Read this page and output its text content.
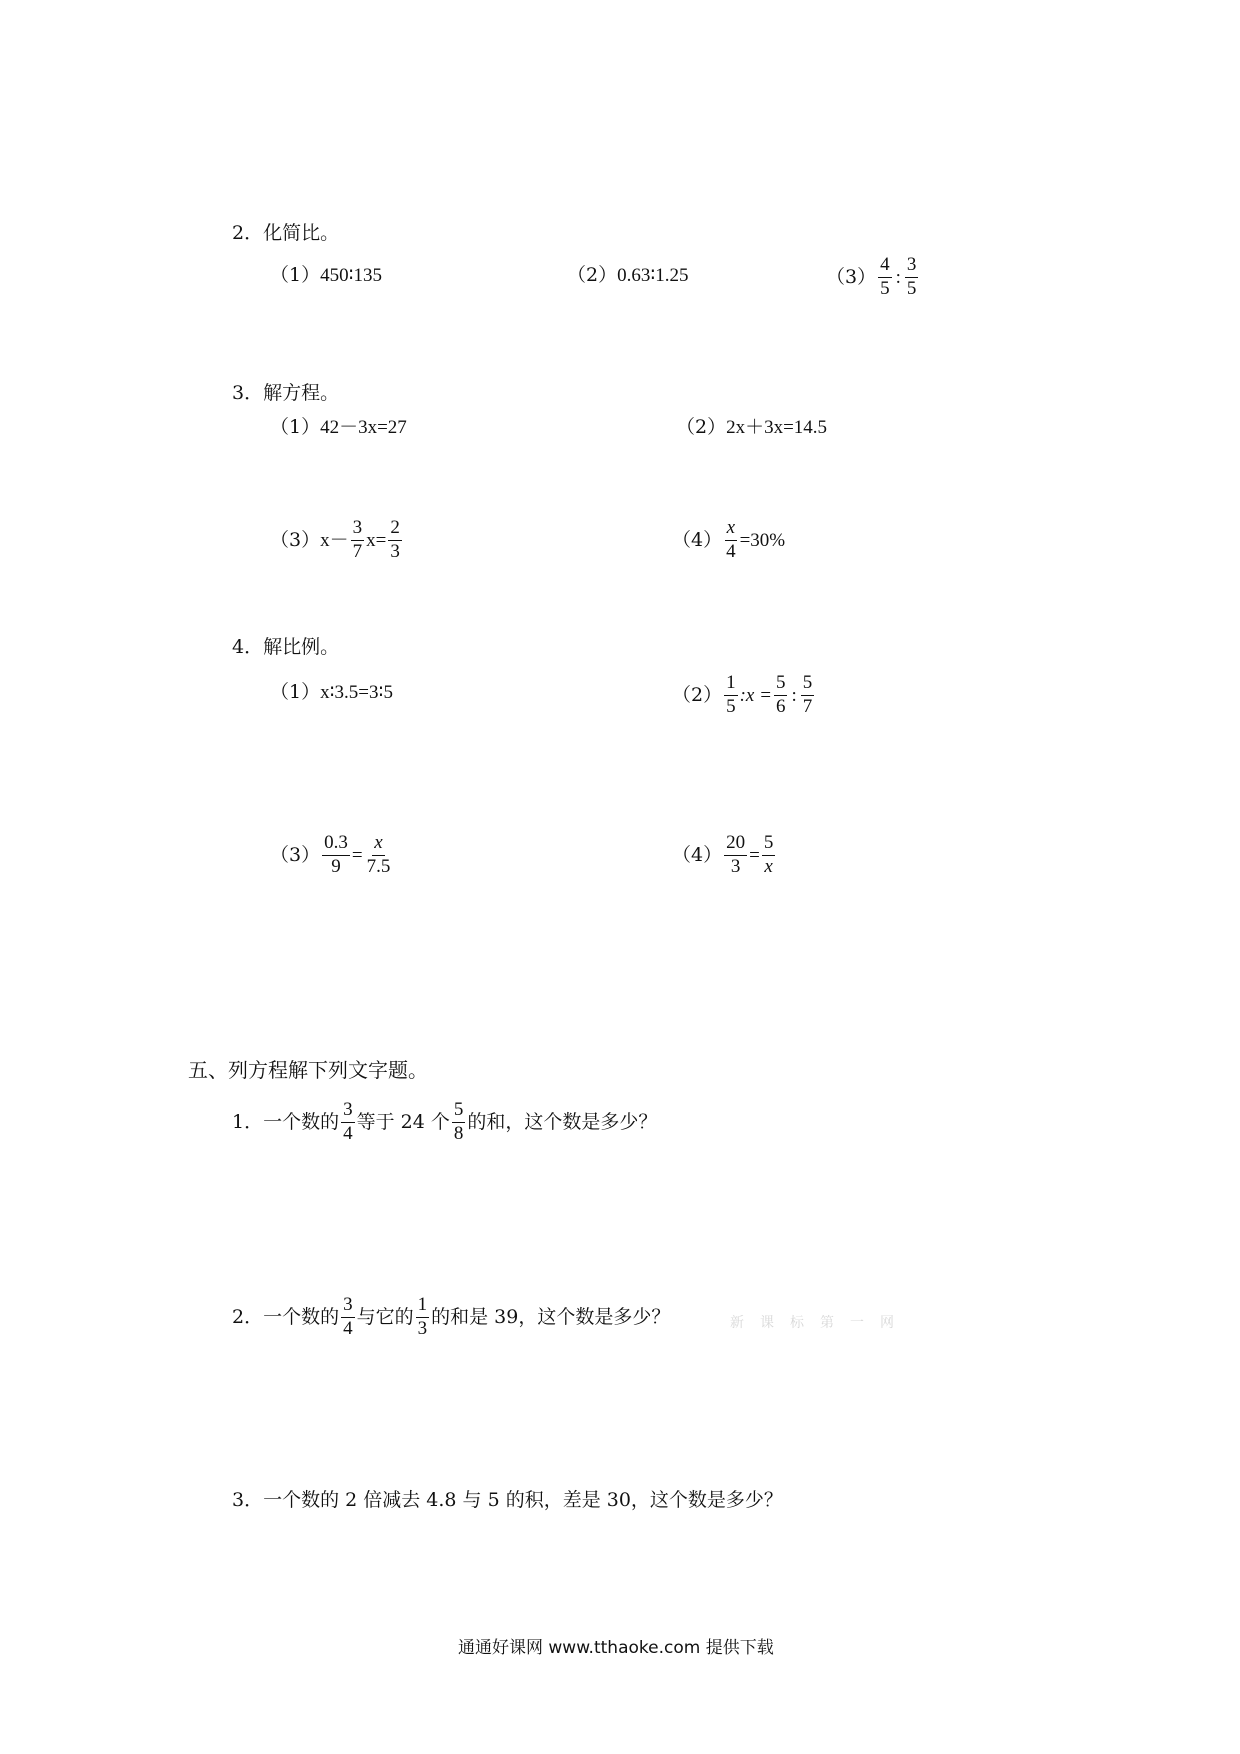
2．化简比。
（1） 450∶135	（2） 0.63∶1.25	$(3) \frac{4}{5}$ : $\frac{3}{5}$
3．解方程。
（1） 42－3x=27	（2） 2x＋3x=14.5
（3） $x- \frac{3}{7} x= \frac{2}{3}$	$(4) \frac{x}{4} =30\%$
4．解比例。
（1） x∶3.5=3∶5	$(2) \frac{1}{5}$ :x = $\frac{5}{6}$ : $\frac{5}{7}$
$(3) \frac{0.3}{9} = \frac{x}{7.5}$	$(4) \frac{20}{3} = \frac{5}{x}$
五、列方程解下列文字题。
1．一个数的 $\frac{3}{4}$ 等于 24 个 $\frac{5}{8}$ 的和，这个数是多少？
2．一个数的 $\frac{3}{4}$ 与它的 $\frac{1}{3}$ 的和是 39，这个数是多少？	新课标第一网
3．一个数的 2 倍减去 4.8 与 5 的积，差是 30，这个数是多少？
通通好课网 www.tthaoke.com 提供下载
